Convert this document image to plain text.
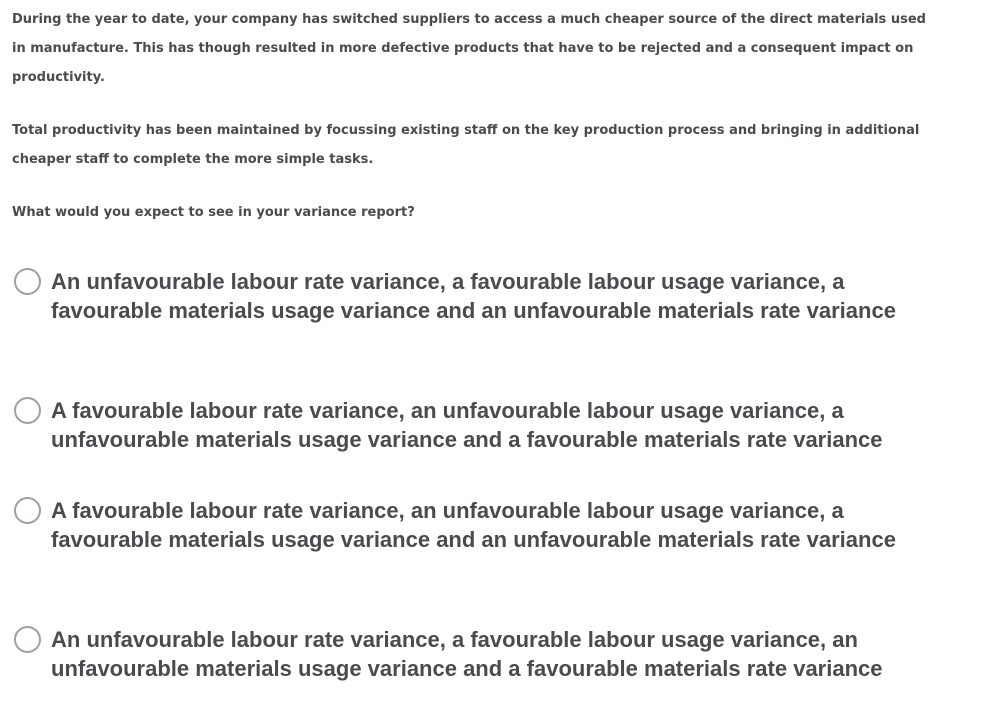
During the year to date, your company has switched suppliers to access a much cheaper source of the direct materials used in manufacture. This has though resulted in more defective products that have to be rejected and a consequent impact on productivity.

Total productivity has been maintained by focussing existing staff on the key production process and bringing in additional cheaper staff to complete the more simple tasks.

What would you expect to see in your variance report?

An unfavourable labour rate variance, a favourable labour usage variance, a favourable materials usage variance and an unfavourable materials rate variance
A favourable labour rate variance, an unfavourable labour usage variance, a unfavourable materials usage variance and a favourable materials rate variance
A favourable labour rate variance, an unfavourable labour usage variance, a favourable materials usage variance and an unfavourable materials rate variance
An unfavourable labour rate variance, a favourable labour usage variance, an unfavourable materials usage variance and a favourable materials rate variance
